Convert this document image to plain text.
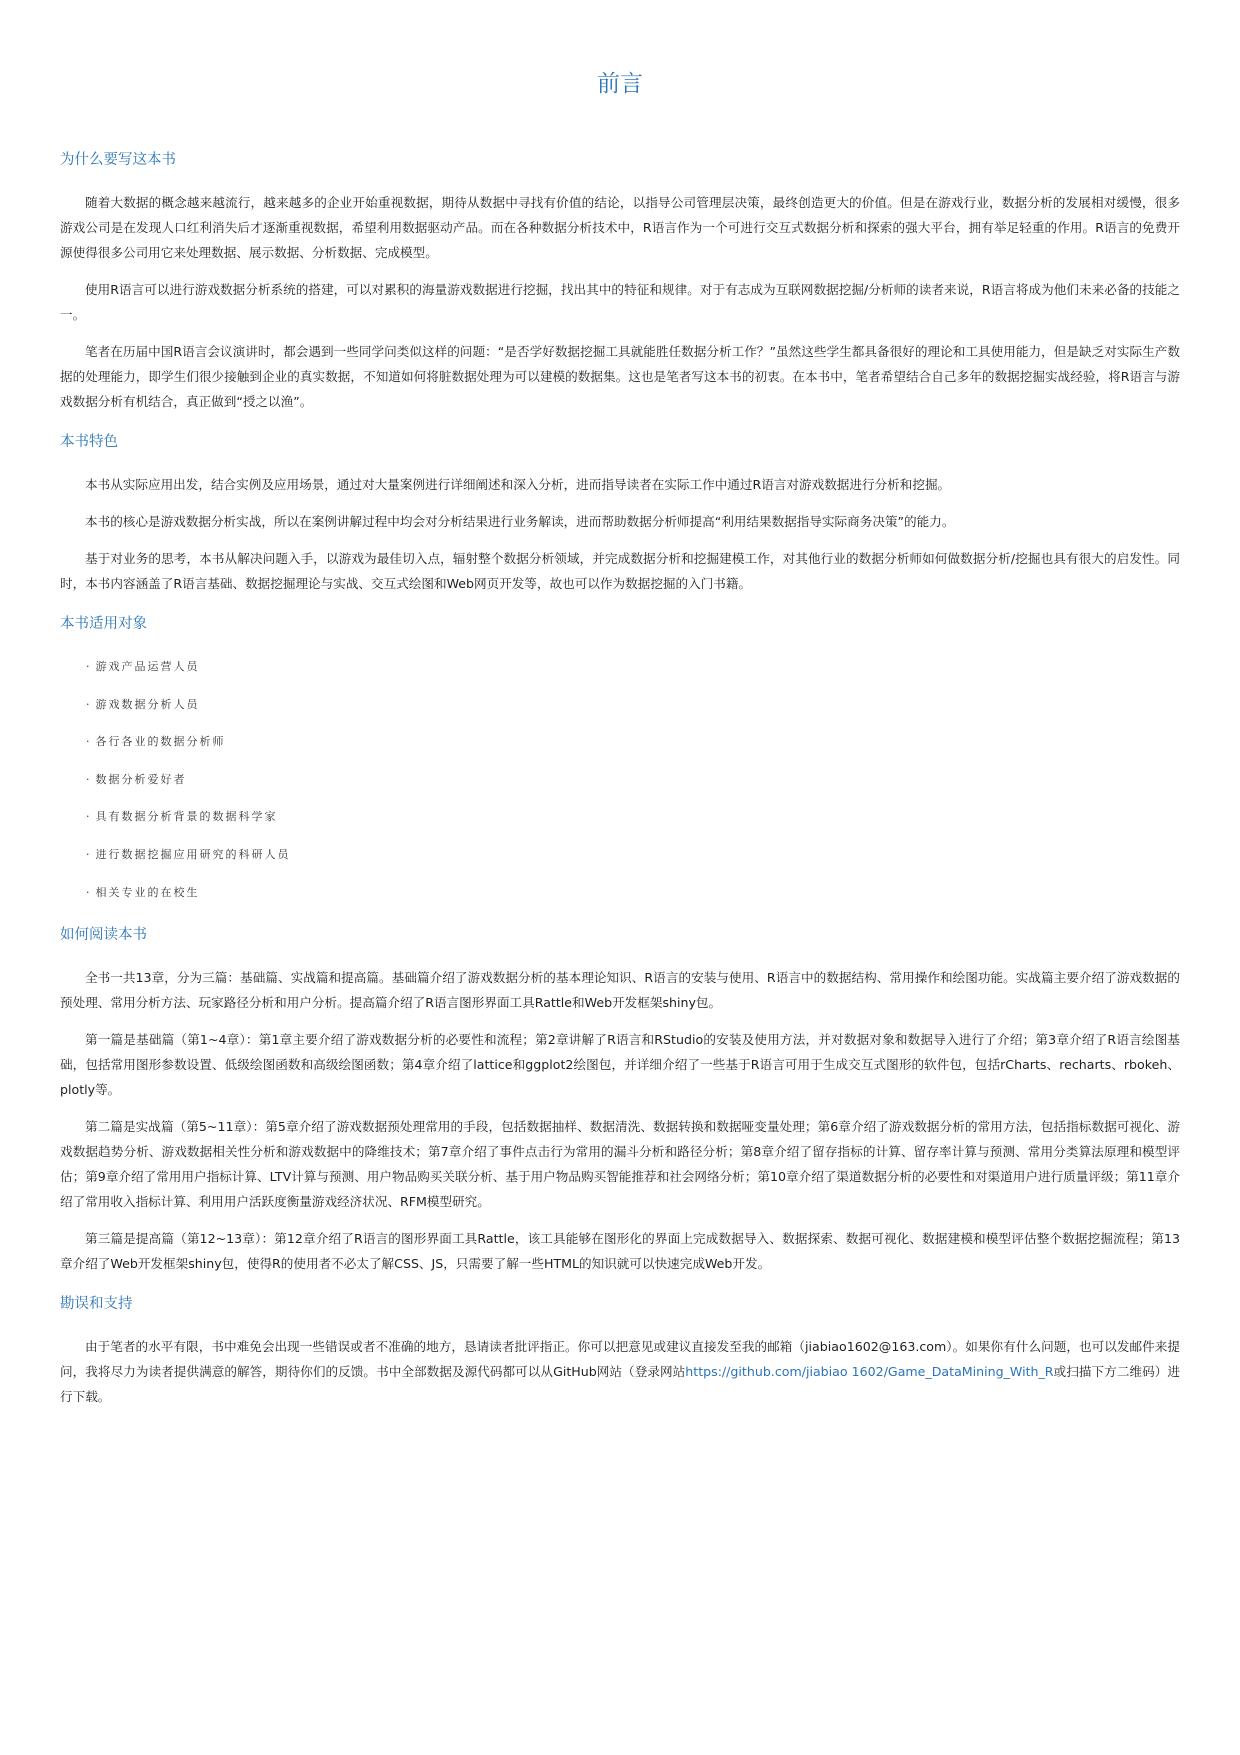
前言
为什么要写这本书

随着大数据的概念越来越流行，越来越多的企业开始重视数据，期待从数据中寻找有价值的结论，以指导公司管理层决策，最终创造更大的价值。但是在游戏行业，数据分析的发展相对缓慢，很多游戏公司是在发现人口红利消失后才逐渐重视数据，希望利用数据驱动产品。而在各种数据分析技术中，R语言作为一个可进行交互式数据分析和探索的强大平台，拥有举足轻重的作用。R语言的免费开源使得很多公司用它来处理数据、展示数据、分析数据、完成模型。

使用R语言可以进行游戏数据分析系统的搭建，可以对累积的海量游戏数据进行挖掘，找出其中的特征和规律。对于有志成为互联网数据挖掘/分析师的读者来说，R语言将成为他们未来必备的技能之一。

笔者在历届中国R语言会议演讲时，都会遇到一些同学问类似这样的问题：“是否学好数据挖掘工具就能胜任数据分析工作？”虽然这些学生都具备很好的理论和工具使用能力，但是缺乏对实际生产数据的处理能力，即学生们很少接触到企业的真实数据，不知道如何将脏数据处理为可以建模的数据集。这也是笔者写这本书的初衷。在本书中，笔者希望结合自己多年的数据挖掘实战经验，将R语言与游戏数据分析有机结合，真正做到“授之以渔”。

本书特色

本书从实际应用出发，结合实例及应用场景，通过对大量案例进行详细阐述和深入分析，进而指导读者在实际工作中通过R语言对游戏数据进行分析和挖掘。

本书的核心是游戏数据分析实战，所以在案例讲解过程中均会对分析结果进行业务解读，进而帮助数据分析师提高“利用结果数据指导实际商务决策”的能力。

基于对业务的思考，本书从解决问题入手，以游戏为最佳切入点，辐射整个数据分析领域，并完成数据分析和挖掘建模工作，对其他行业的数据分析师如何做数据分析/挖掘也具有很大的启发性。同时，本书内容涵盖了R语言基础、数据挖掘理论与实战、交互式绘图和Web网页开发等，故也可以作为数据挖掘的入门书籍。

本书适用对象
· 游戏产品运营人员
· 游戏数据分析人员
· 各行各业的数据分析师
· 数据分析爱好者
· 具有数据分析背景的数据科学家
· 进行数据挖掘应用研究的科研人员
· 相关专业的在校生
如何阅读本书

全书一共13章，分为三篇：基础篇、实战篇和提高篇。基础篇介绍了游戏数据分析的基本理论知识、R语言的安装与使用、R语言中的数据结构、常用操作和绘图功能。实战篇主要介绍了游戏数据的预处理、常用分析方法、玩家路径分析和用户分析。提高篇介绍了R语言图形界面工具Rattle和Web开发框架shiny包。

第一篇是基础篇（第1~4章）：第1章主要介绍了游戏数据分析的必要性和流程；第2章讲解了R语言和RStudio的安装及使用方法，并对数据对象和数据导入进行了介绍；第3章介绍了R语言绘图基础，包括常用图形参数设置、低级绘图函数和高级绘图函数；第4章介绍了lattice和ggplot2绘图包，并详细介绍了一些基于R语言可用于生成交互式图形的软件包，包括rCharts、recharts、rbokeh、plotly等。

第二篇是实战篇（第5~11章）：第5章介绍了游戏数据预处理常用的手段，包括数据抽样、数据清洗、数据转换和数据哑变量处理；第6章介绍了游戏数据分析的常用方法，包括指标数据可视化、游戏数据趋势分析、游戏数据相关性分析和游戏数据中的降维技术；第7章介绍了事件点击行为常用的漏斗分析和路径分析；第8章介绍了留存指标的计算、留存率计算与预测、常用分类算法原理和模型评估；第9章介绍了常用用户指标计算、LTV计算与预测、用户物品购买关联分析、基于用户物品购买智能推荐和社会网络分析；第10章介绍了渠道数据分析的必要性和对渠道用户进行质量评级；第11章介绍了常用收入指标计算、利用用户活跃度衡量游戏经济状况、RFM模型研究。

第三篇是提高篇（第12~13章）：第12章介绍了R语言的图形界面工具Rattle，该工具能够在图形化的界面上完成数据导入、数据探索、数据可视化、数据建模和模型评估整个数据挖掘流程；第13章介绍了Web开发框架shiny包，使得R的使用者不必太了解CSS、JS，只需要了解一些HTML的知识就可以快速完成Web开发。

勘误和支持

由于笔者的水平有限，书中难免会出现一些错误或者不准确的地方，恳请读者批评指正。你可以把意见或建议直接发至我的邮箱（jiabiao1602@163.com）。如果你有什么问题，也可以发邮件来提问，我将尽力为读者提供满意的解答，期待你们的反馈。书中全部数据及源代码都可以从GitHub网站（登录网站https://github.com/jiabiao 1602/Game_DataMining_With_R或扫描下方二维码）进行下载。
